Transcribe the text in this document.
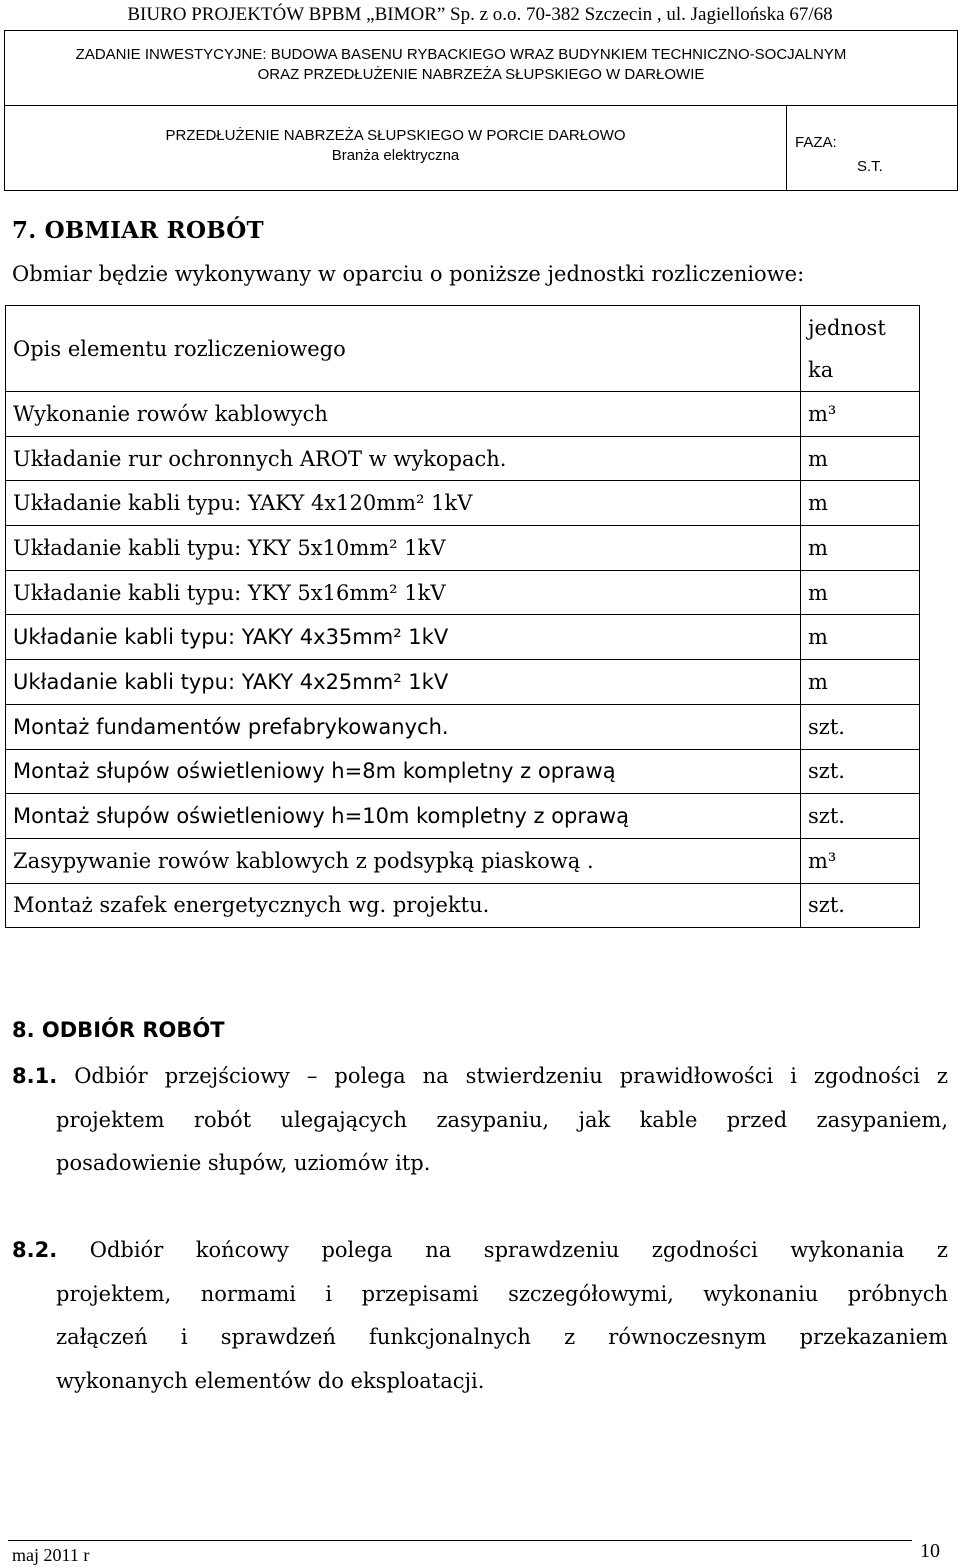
BIURO PROJEKTÓW BPBM „BIMOR” Sp. z o.o. 70-382 Szczecin , ul. Jagiellońska 67/68
ZADANIE INWESTYCYJNE: BUDOWA BASENU RYBACKIEGO WRAZ BUDYNKIEM TECHNICZNO-SOCJALNYM
ORAZ PRZEDŁUŻENIE NABRZEŻA SŁUPSKIEGO W DARŁOWIE
PRZEDŁUŻENIE NABRZEŻA SŁUPSKIEGO W PORCIE DARŁOWO
Branża elektryczna
FAZA:
S.T.
7. OBMIAR ROBÓT
Obmiar będzie wykonywany w oparciu o poniższe jednostki rozliczeniowe:
Opis elementu rozliczeniowego	jednost
ka

Wykonanie rowów kablowych	m³
Układanie rur ochronnych AROT w wykopach.	m
Układanie kabli typu: YAKY 4x120mm² 1kV	m
Układanie kabli typu: YKY 5x10mm² 1kV	m
Układanie kabli typu: YKY 5x16mm² 1kV	m
Układanie kabli typu: YAKY 4x35mm² 1kV	m
Układanie kabli typu: YAKY 4x25mm² 1kV	m
Montaż fundamentów prefabrykowanych.	szt.
Montaż słupów oświetleniowy h=8m kompletny z oprawą	szt.
Montaż słupów oświetleniowy h=10m kompletny z oprawą	szt.
Zasypywanie rowów kablowych z podsypką piaskową .	m³
Montaż szafek energetycznych wg. projektu.	szt.
8. ODBIÓR ROBÓT
8.1. Odbiór przejściowy – polega na stwierdzeniu prawidłowości i zgodności z
projektem robót ulegających zasypaniu, jak kable przed zasypaniem,
posadowienie słupów, uziomów itp.
8.2. Odbiór końcowy polega na sprawdzeniu zgodności wykonania z
projektem, normami i przepisami szczegółowymi, wykonaniu próbnych
załączeń i sprawdzeń funkcjonalnych z równoczesnym przekazaniem
wykonanych elementów do eksploatacji.
maj 2011 r	10
